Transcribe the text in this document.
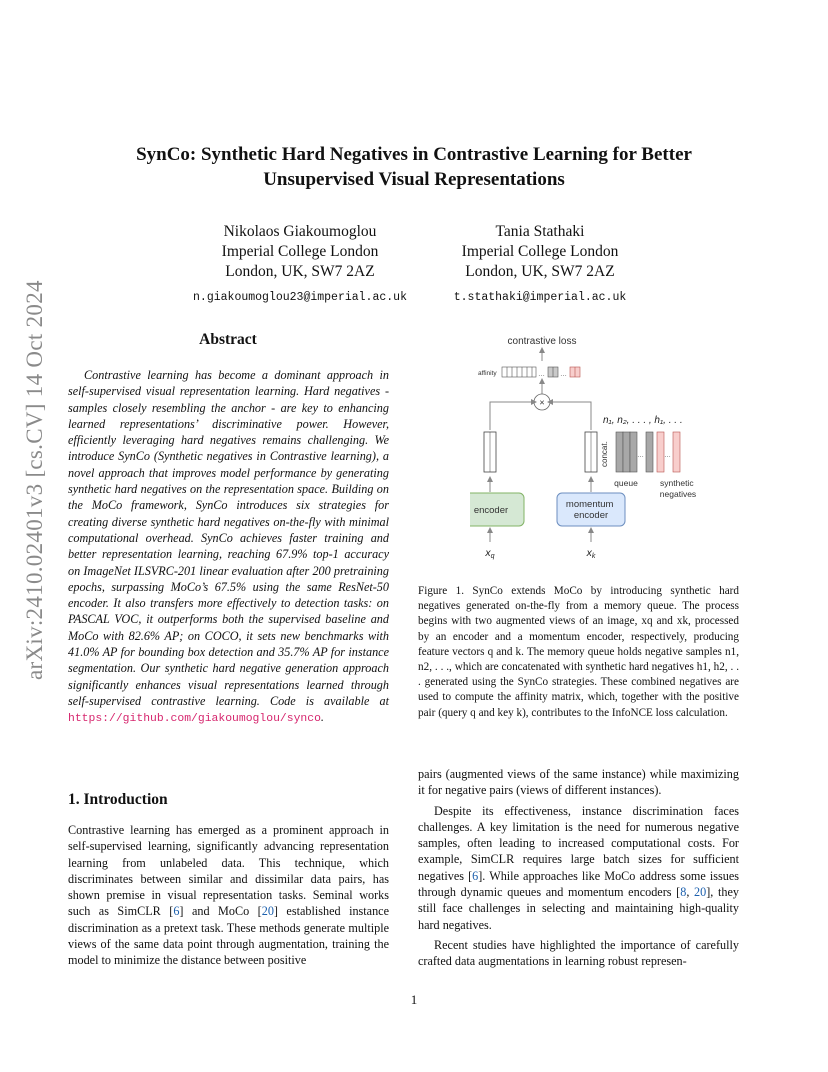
arXiv:2410.02401v3 [cs.CV] 14 Oct 2024
SynCo: Synthetic Hard Negatives in Contrastive Learning for Better Unsupervised Visual Representations
Nikolaos Giakoumoglou
Imperial College London
London, UK, SW7 2AZ
n.giakoumoglou23@imperial.ac.uk
Tania Stathaki
Imperial College London
London, UK, SW7 2AZ
t.stathaki@imperial.ac.uk
Abstract
Contrastive learning has become a dominant approach in self-supervised visual representation learning. Hard negatives - samples closely resembling the anchor - are key to enhancing learned representations’ discriminative power. However, efficiently leveraging hard negatives remains challenging. We introduce SynCo (Synthetic negatives in Contrastive learning), a novel approach that improves model performance by generating synthetic hard negatives on the representation space. Building on the MoCo framework, SynCo introduces six strategies for creating diverse synthetic hard negatives on-the-fly with minimal computational overhead. SynCo achieves faster training and better representation learning, reaching 67.9% top-1 accuracy on ImageNet ILSVRC-201 linear evaluation after 200 pretraining epochs, surpassing MoCo’s 67.5% using the same ResNet-50 encoder. It also transfers more effectively to detection tasks: on PASCAL VOC, it outperforms both the supervised baseline and MoCo with 82.6% AP; on COCO, it sets new benchmarks with 41.0% AP for bounding box detection and 35.7% AP for instance segmentation. Our synthetic hard negative generation approach significantly enhances visual representations learned through self-supervised contrastive learning. Code is available at https://github.com/giakoumoglou/synco.
contrastive loss
affinity	… …
×
concat.
n₁, n₂, . . . , h₁, . . .
…	…
queue	synthetic negatives
encoder
momentum encoder
xq	xk
Figure 1. SynCo extends MoCo by introducing synthetic hard negatives generated on-the-fly from a memory queue. The process begins with two augmented views of an image, xq and xk, processed by an encoder and a momentum encoder, respectively, producing feature vectors q and k. The memory queue holds negative samples n1, n2, . . ., which are concatenated with synthetic hard negatives h1, h2, . . . generated using the SynCo strategies. These combined negatives are used to compute the affinity matrix, which, together with the positive pair (query q and key k), contributes to the InfoNCE loss calculation.
1. Introduction
Contrastive learning has emerged as a prominent approach in self-supervised learning, significantly advancing representation learning from unlabeled data. This technique, which discriminates between similar and dissimilar data pairs, has shown premise in visual representation tasks. Seminal works such as SimCLR [6] and MoCo [20] established instance discrimination as a pretext task. These methods generate multiple views of the same data point through augmentation, training the model to minimize the distance between positive

pairs (augmented views of the same instance) while maximizing it for negative pairs (views of different instances).

Despite its effectiveness, instance discrimination faces challenges. A key limitation is the need for numerous negative samples, often leading to increased computational costs. For example, SimCLR requires large batch sizes for sufficient negatives [6]. While approaches like MoCo address some issues through dynamic queues and momentum encoders [8, 20], they still face challenges in selecting and maintaining high-quality hard negatives.

Recent studies have highlighted the importance of carefully crafted data augmentations in learning robust represen-

1
